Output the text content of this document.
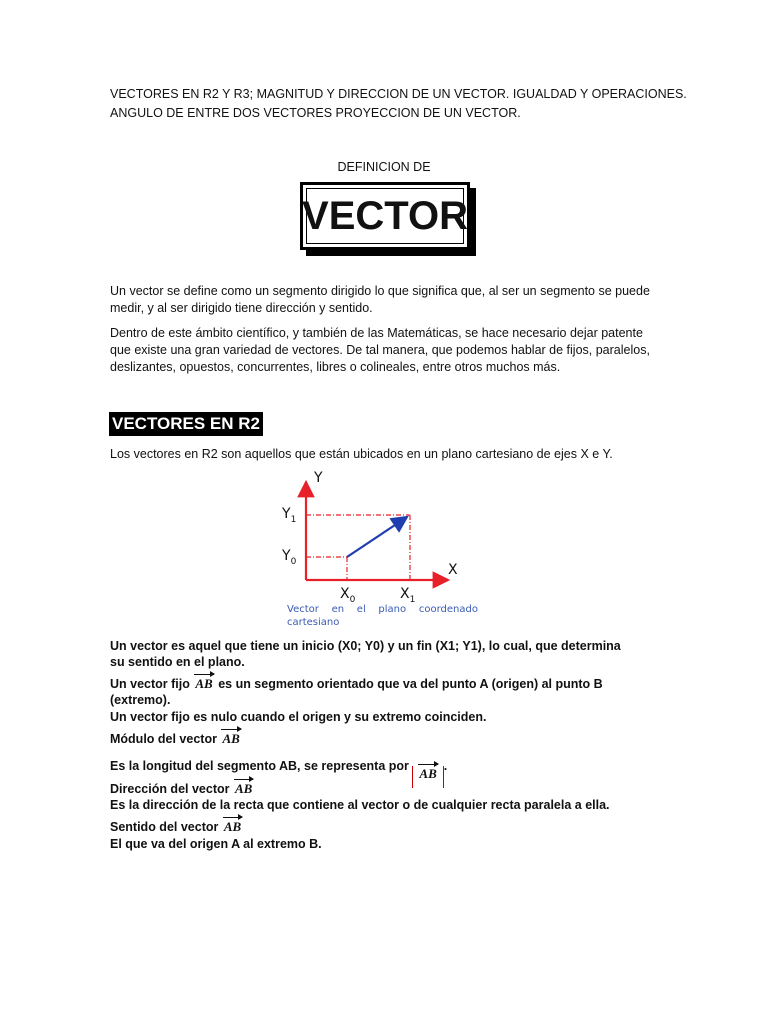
VECTORES EN R2 Y R3; MAGNITUD Y DIRECCION DE UN VECTOR. IGUALDAD Y OPERACIONES.
ANGULO DE ENTRE DOS VECTORES PROYECCION DE UN VECTOR.
DEFINICION DE
VECTOR
Un vector se define como un segmento dirigido lo que significa que, al ser un segmento se puede
medir, y al ser dirigido tiene dirección y sentido.
Dentro de este ámbito científico, y también de las Matemáticas, se hace necesario dejar patente
que existe una gran variedad de vectores. De tal manera, que podemos hablar de fijos, paralelos,
deslizantes, opuestos, concurrentes, libres o colineales, entre otros muchos más.
VECTORES EN R2
Los vectores en R2 son aquellos que están ubicados en un plano cartesiano de ejes X e Y.
Y
X
$Y_1$
$Y_0$
$X_0$	$X_1$
Vector    en    el    plano    coordenado
cartesiano
Un vector es aquel que tiene un inicio (X0; Y0) y un fin (X1; Y1), lo cual, que determina
su sentido en el plano.
Un vector fijo AB es un segmento orientado que va del punto A (origen) al punto B
(extremo).
Un vector fijo es nulo cuando el origen y su extremo coinciden.
Módulo del vector AB
Es la longitud del segmento AB, se representa por AB .
Dirección del vector AB
Es la dirección de la recta que contiene al vector o de cualquier recta paralela a ella.
Sentido del vector AB
El que va del origen A al extremo B.
